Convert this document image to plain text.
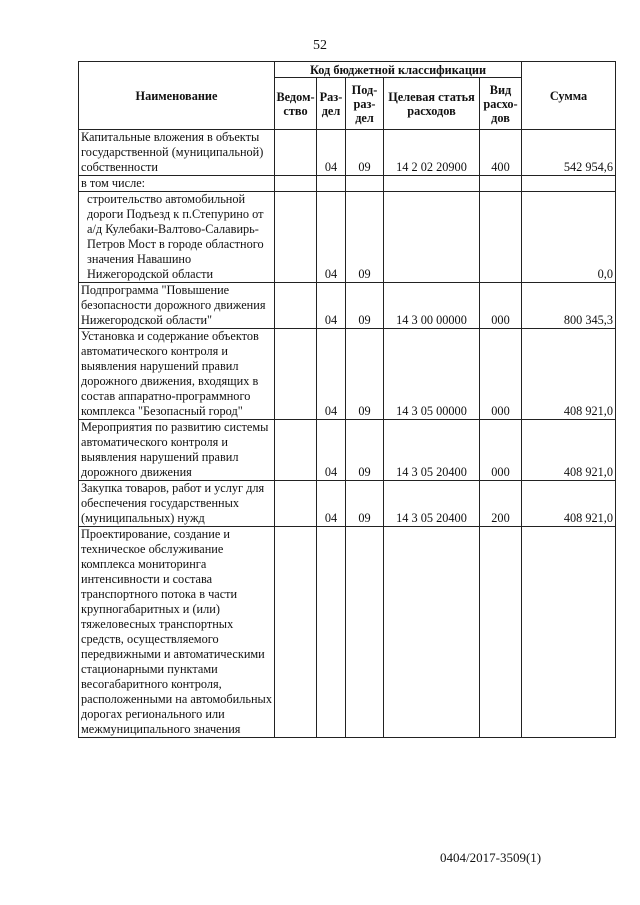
52
Наименование	Код бюджетной классификации					Сумма
	Ведом-ство	Раз-дел	Под-раз-дел	Целевая статья расходов	Вид расхо-дов	
Капитальные вложения в объекты государственной (муниципальной) собственности		04	09	14 2 02 20900	400	542 954,6
в том числе:						
строительство автомобильной дороги Подъезд к п.Степурино от а/д Кулебаки-Валтово-Салавирь-Петров Мост в городе областного значения Навашино Нижегородской области		04	09			0,0
Подпрограмма "Повышение безопасности дорожного движения Нижегородской области"		04	09	14 3 00 00000	000	800 345,3
Установка и содержание объектов автоматического контроля и выявления нарушений правил дорожного движения, входящих в состав аппаратно-программного комплекса "Безопасный город"		04	09	14 3 05 00000	000	408 921,0
Мероприятия по развитию системы автоматического контроля и выявления нарушений правил дорожного движения		04	09	14 3 05 20400	000	408 921,0
Закупка товаров, работ и услуг для обеспечения государственных (муниципальных) нужд		04	09	14 3 05 20400	200	408 921,0
Проектирование, создание и техническое обслуживание комплекса мониторинга интенсивности и состава транспортного потока в части крупногабаритных и (или) тяжеловесных транспортных средств, осуществляемого передвижными и автоматическими стационарными пунктами весогабаритного контроля, расположенными на автомобильных дорогах регионального или межмуниципального значения						
0404/2017-3509(1)
